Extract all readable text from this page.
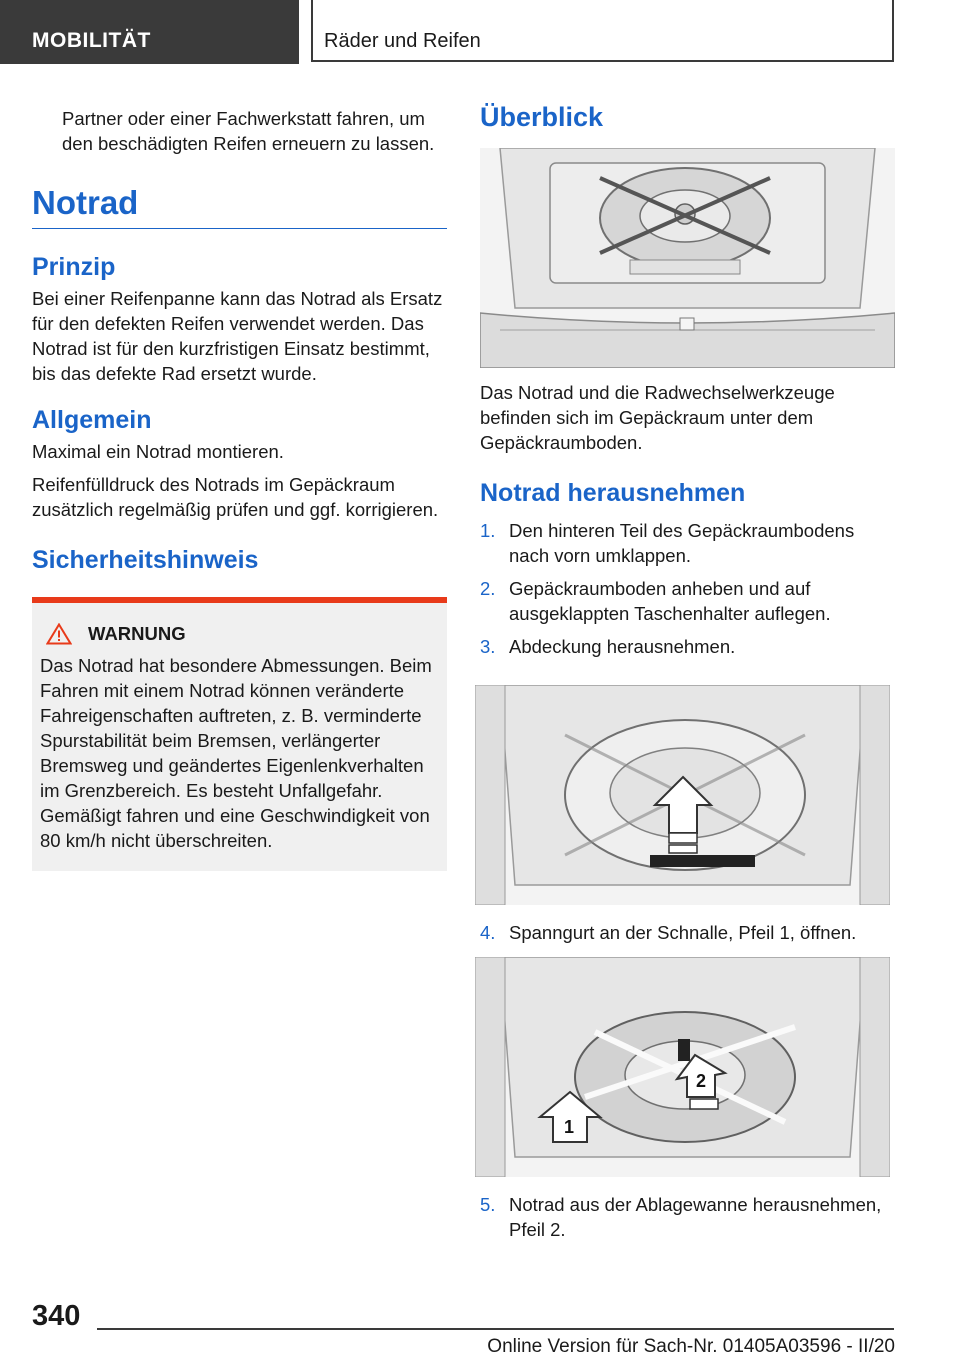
MOBILITÄT	Räder und Reifen

Partner oder einer Fachwerkstatt fahren, um den beschädigten Reifen erneuern zu lassen.

Notrad
Prinzip

Bei einer Reifenpanne kann das Notrad als Ersatz für den defekten Reifen verwendet werden. Das Notrad ist für den kurzfristigen Einsatz bestimmt, bis das defekte Rad ersetzt wurde.

Allgemein

Maximal ein Notrad montieren.

Reifenfülldruck des Notrads im Gepäckraum zusätzlich regelmäßig prüfen und ggf. korrigieren.

Sicherheitshinweis
WARNUNG

Das Notrad hat besondere Abmessungen. Beim Fahren mit einem Notrad können veränderte Fahreigenschaften auftreten, z. B. verminderte Spurstabilität beim Bremsen, verlängerter Bremsweg und geändertes Eigenlenkverhalten im Grenzbereich. Es besteht Unfallgefahr. Gemäßigt fahren und eine Geschwindigkeit von 80 km/h nicht überschreiten.

Überblick

Das Notrad und die Radwechselwerkzeuge befinden sich im Gepäckraum unter dem Gepäckraumboden.

Notrad herausnehmen
1. Den hinteren Teil des Gepäckraumbodens nach vorn umklappen.
2. Gepäckraumboden anheben und auf ausgeklappten Taschenhalter auflegen.
3. Abdeckung herausnehmen.
4. Spanngurt an der Schnalle, Pfeil 1, öffnen.
2
1
5. Notrad aus der Ablagewanne herausnehmen, Pfeil 2.
340
Online Version für Sach-Nr. 01405A03596 - II/20
